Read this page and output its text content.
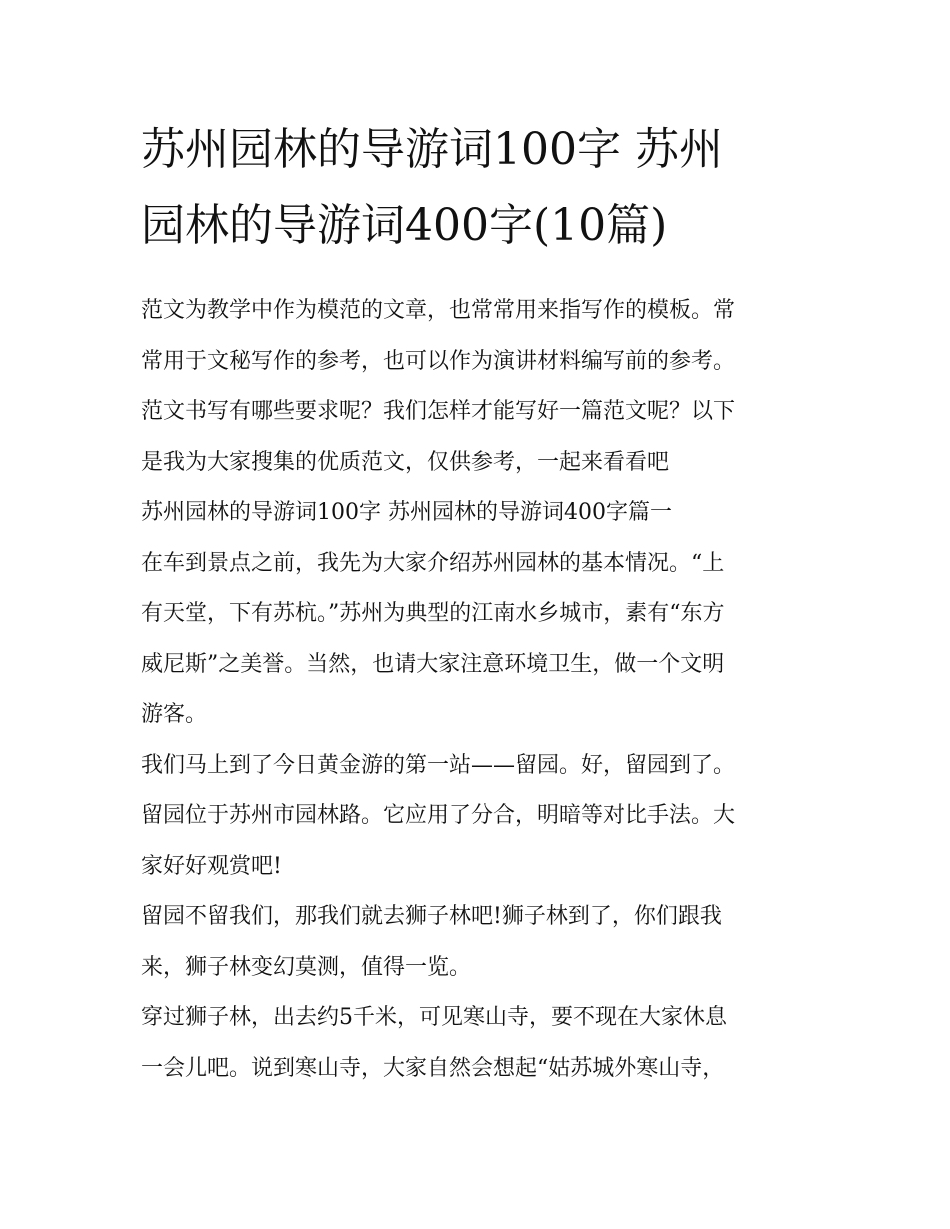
苏州园林的导游词100字 苏州
园林的导游词400字(10篇)
范文为教学中作为模范的文章，也常常用来指写作的模板。常
常用于文秘写作的参考，也可以作为演讲材料编写前的参考。
范文书写有哪些要求呢？我们怎样才能写好一篇范文呢？以下
是我为大家搜集的优质范文，仅供参考，一起来看看吧
苏州园林的导游词100字 苏州园林的导游词400字篇一
在车到景点之前，我先为大家介绍苏州园林的基本情况。“上
有天堂，下有苏杭。”苏州为典型的江南水乡城市，素有“东方
威尼斯”之美誉。当然，也请大家注意环境卫生，做一个文明
游客。
我们马上到了今日黄金游的第一站——留园。好，留园到了。
留园位于苏州市园林路。它应用了分合，明暗等对比手法。大
家好好观赏吧!
留园不留我们，那我们就去狮子林吧!狮子林到了，你们跟我
来，狮子林变幻莫测，值得一览。
穿过狮子林，出去约5千米，可见寒山寺，要不现在大家休息
一会儿吧。说到寒山寺，大家自然会想起“姑苏城外寒山寺，
